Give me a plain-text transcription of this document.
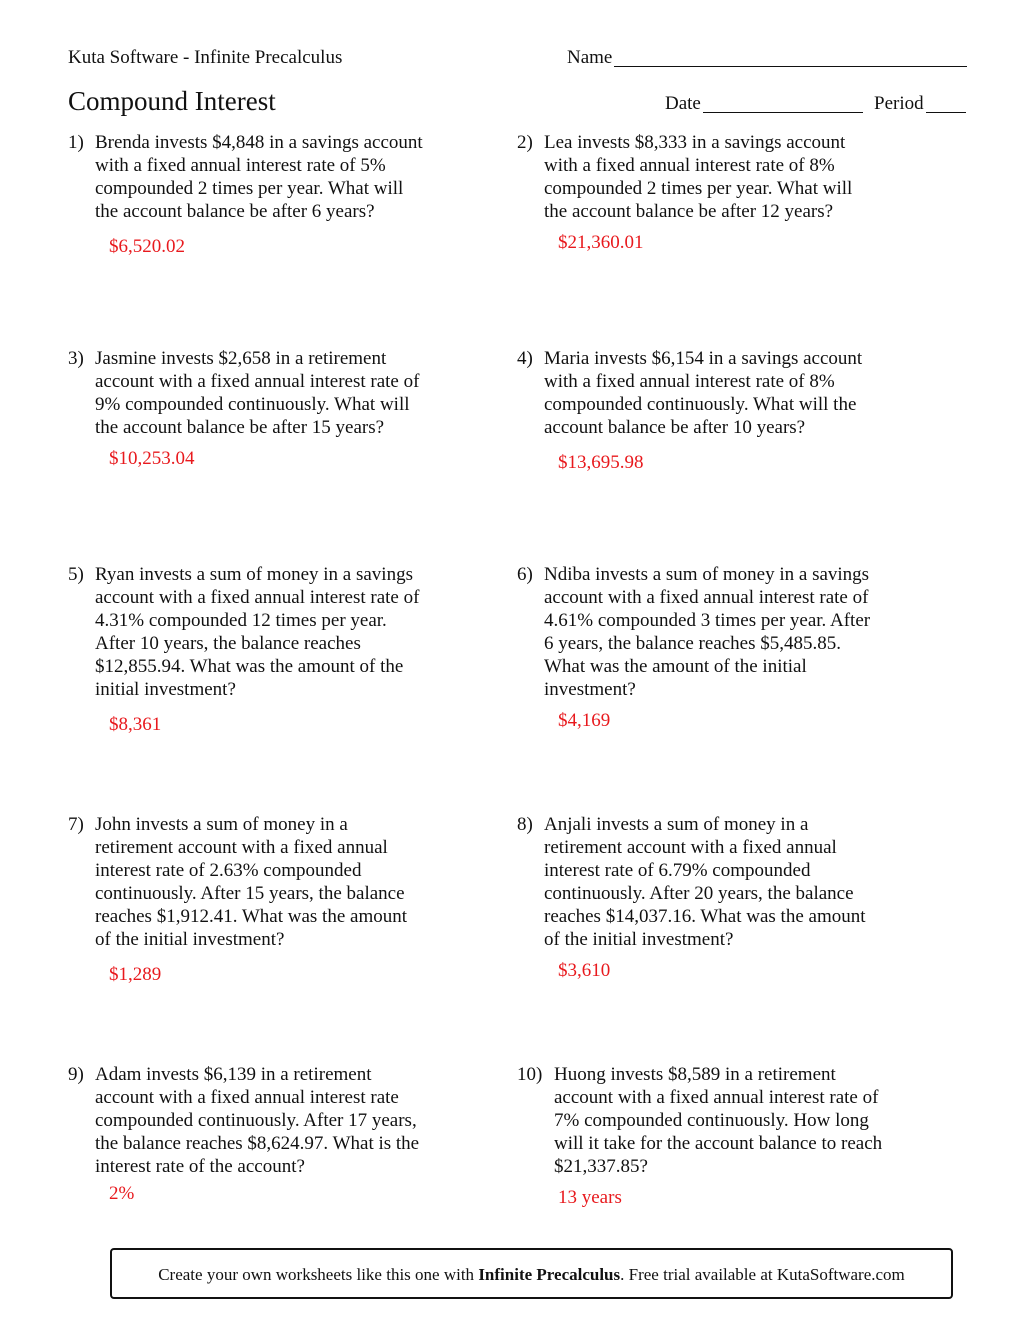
Kuta Software - Infinite Precalculus	Name
Compound Interest	Date	Period
1) Brenda invests $4,848 in a savings account
with a fixed annual interest rate of 5%
compounded 2 times per year. What will
the account balance be after 6 years?
$6,520.02
2) Lea invests $8,333 in a savings account
with a fixed annual interest rate of 8%
compounded 2 times per year. What will
the account balance be after 12 years?
$21,360.01
3) Jasmine invests $2,658 in a retirement
account with a fixed annual interest rate of
9% compounded continuously. What will
the account balance be after 15 years?
$10,253.04
4) Maria invests $6,154 in a savings account
with a fixed annual interest rate of 8%
compounded continuously. What will the
account balance be after 10 years?
$13,695.98
5) Ryan invests a sum of money in a savings
account with a fixed annual interest rate of
4.31% compounded 12 times per year.
After 10 years, the balance reaches
$12,855.94. What was the amount of the
initial investment?
$8,361
6) Ndiba invests a sum of money in a savings
account with a fixed annual interest rate of
4.61% compounded 3 times per year. After
6 years, the balance reaches $5,485.85.
What was the amount of the initial
investment?
$4,169
7) John invests a sum of money in a
retirement account with a fixed annual
interest rate of 2.63% compounded
continuously. After 15 years, the balance
reaches $1,912.41. What was the amount
of the initial investment?
$1,289
8) Anjali invests a sum of money in a
retirement account with a fixed annual
interest rate of 6.79% compounded
continuously. After 20 years, the balance
reaches $14,037.16. What was the amount
of the initial investment?
$3,610
9) Adam invests $6,139 in a retirement
account with a fixed annual interest rate
compounded continuously. After 17 years,
the balance reaches $8,624.97. What is the
interest rate of the account?
2%
10) Huong invests $8,589 in a retirement
account with a fixed annual interest rate of
7% compounded continuously. How long
will it take for the account balance to reach
$21,337.85?
13 years
Create your own worksheets like this one with Infinite Precalculus. Free trial available at KutaSoftware.com
